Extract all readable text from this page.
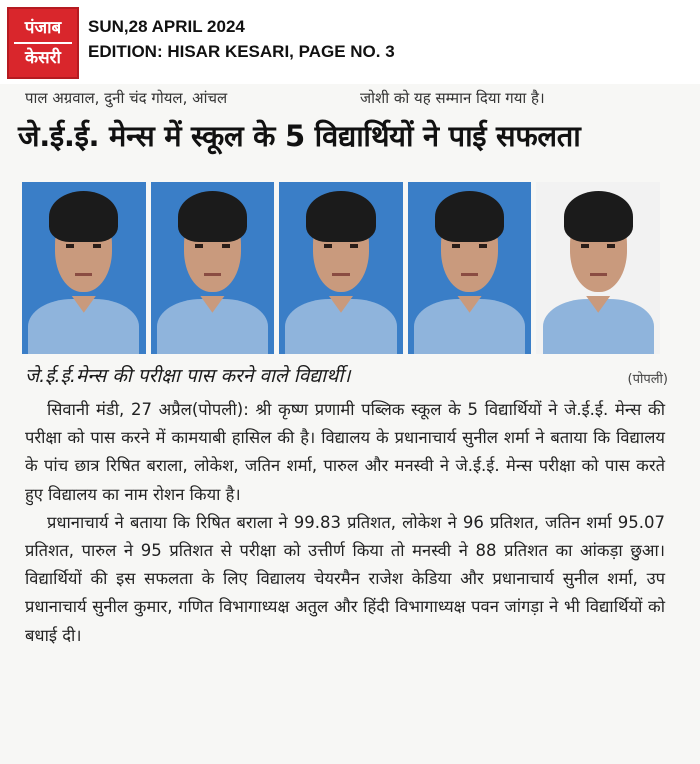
पंजाब
केसरी
SUN,28 APRIL 2024
EDITION: HISAR KESARI, PAGE NO. 3
पाल अग्रवाल, दुनी चंद गोयल, आंचल	जोशी को यह सम्मान दिया गया है।
जे.ई.ई. मेन्स में स्कूल के 5 विद्यार्थियों ने पाई सफलता
जे.ई.ई.मेन्स की परीक्षा पास करने वाले विद्यार्थी।	(पोपली)

सिवानी मंडी, 27 अप्रैल(पोपली): श्री कृष्ण प्रणामी पब्लिक स्कूल के 5 विद्यार्थियों ने जे.ई.ई. मेन्स की परीक्षा को पास करने में कामयाबी हासिल की है। विद्यालय के प्रधानाचार्य सुनील शर्मा ने बताया कि विद्यालय के पांच छात्र रिषित बराला, लोकेश, जतिन शर्मा, पारुल और मनस्वी ने जे.ई.ई. मेन्स परीक्षा को पास करते हुए विद्यालय का नाम रोशन किया है।

प्रधानाचार्य ने बताया कि रिषित बराला ने 99.83 प्रतिशत, लोकेश ने 96 प्रतिशत, जतिन शर्मा 95.07 प्रतिशत, पारुल ने 95 प्रतिशत से परीक्षा को उत्तीर्ण किया तो मनस्वी ने 88 प्रतिशत का आंकड़ा छुआ। विद्यार्थियों की इस सफलता के लिए विद्यालय चेयरमैन राजेश केडिया और प्रधानाचार्य सुनील शर्मा, उप प्रधानाचार्य सुनील कुमार, गणित विभागाध्यक्ष अतुल और हिंदी विभागाध्यक्ष पवन जांगड़ा ने भी विद्यार्थियों को बधाई दी।
